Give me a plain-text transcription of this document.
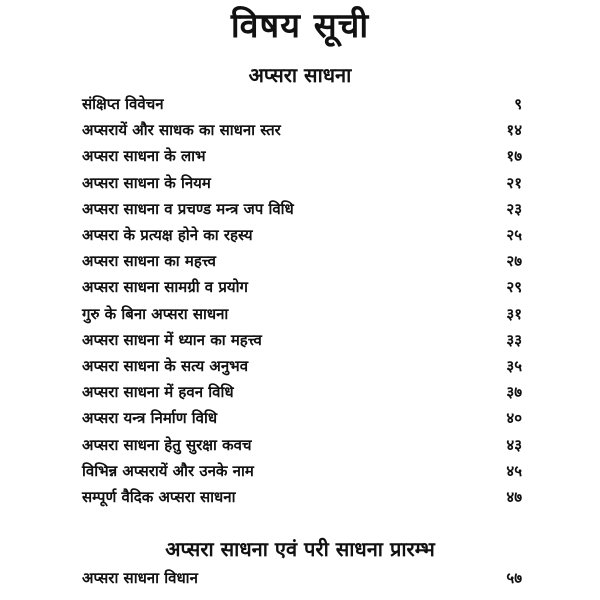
विषय सूची
अप्सरा साधना
संक्षिप्त विवेचन	९
अप्सरायें और साधक का साधना स्तर	१४
अप्सरा साधना के लाभ	१७
अप्सरा साधना के नियम	२१
अप्सरा साधना व प्रचण्ड मन्त्र जप विधि	२३
अप्सरा के प्रत्यक्ष होने का रहस्य	२५
अप्सरा साधना का महत्त्व	२७
अप्सरा साधना सामग्री व प्रयोग	२९
गुरु के बिना अप्सरा साधना	३१
अप्सरा साधना में ध्यान का महत्त्व	३३
अप्सरा साधना के सत्य अनुभव	३५
अप्सरा साधना में हवन विधि	३७
अप्सरा यन्त्र निर्माण विधि	४०
अप्सरा साधना हेतु सुरक्षा कवच	४३
विभिन्न अप्सरायें और उनके नाम	४५
सम्पूर्ण वैदिक अप्सरा साधना	४७
अप्सरा साधना एवं परी साधना प्रारम्भ
अप्सरा साधना विधान	५७
